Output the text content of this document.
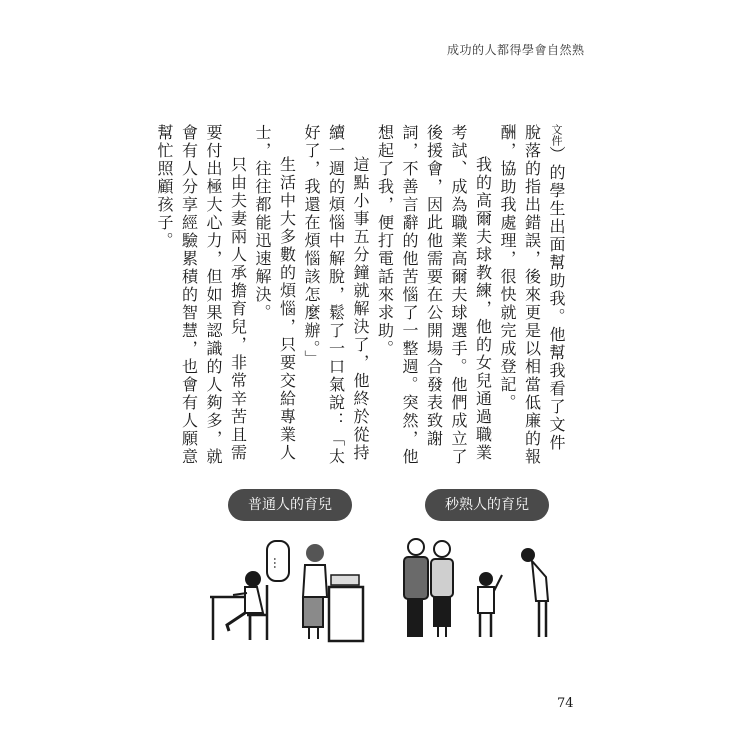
成功的人都得學會自然熟

文件）的學生出面幫助我。他幫我看了文件脫落的指出錯誤，後來更是以相當低廉的報酬，協助我處理，很快就完成登記。

我的高爾夫球教練，他的女兒通過職業考試、成為職業高爾夫球選手。他們成立了後援會，因此他需要在公開場合發表致謝詞，不善言辭的他苦惱了一整週。突然，他想起了我，便打電話來求助。

這點小事五分鐘就解決了，他終於從持續一週的煩惱中解脫，鬆了一口氣說：「太好了，我還在煩惱該怎麼辦。」

生活中大多數的煩惱，只要交給專業人士，往往都能迅速解決。

只由夫妻兩人承擔育兒，非常辛苦且需要付出極大心力，但如果認識的人夠多，就會有人分享經驗累積的智慧，也會有人願意幫忙照顧孩子。

普通人的育兒	秒熟人的育兒
…
74
